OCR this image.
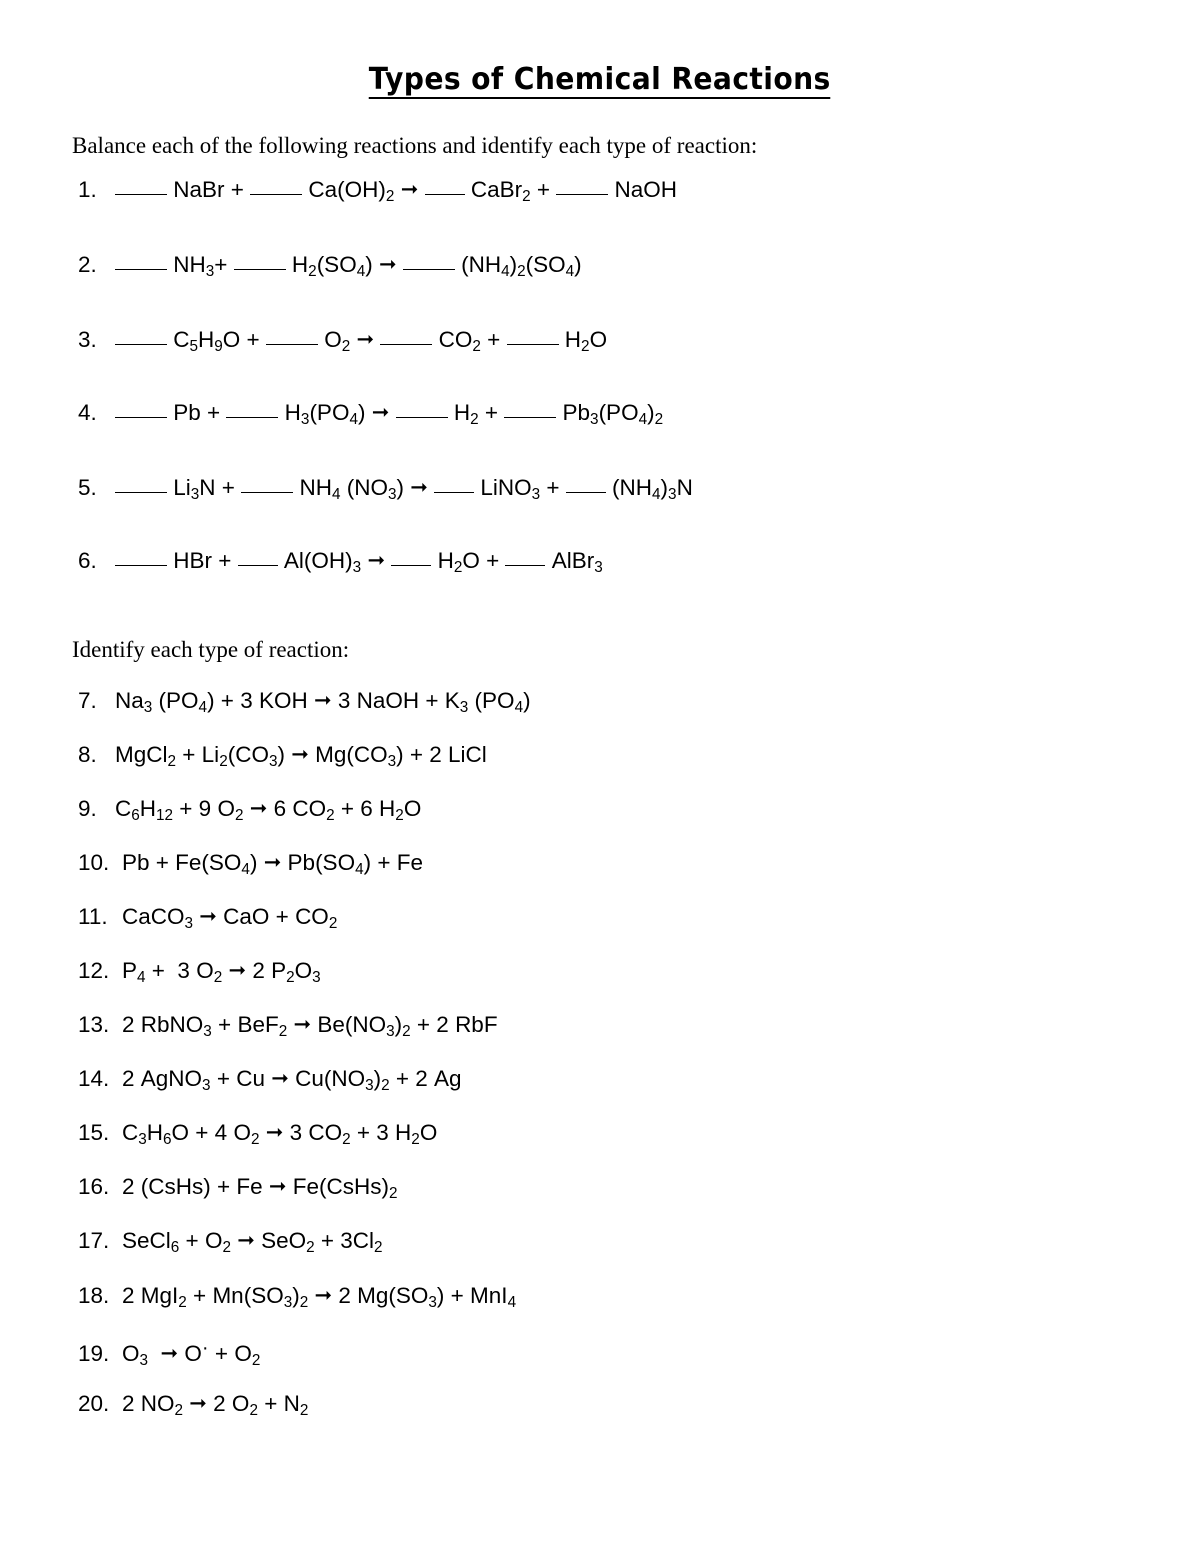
Types of Chemical Reactions
Balance each of the following reactions and identify each type of reaction:
1.	NaBr +  $Ca(OH)_2$ ➞  CaBr$_2$ +  NaOH
2.	$NH_3+ H_2(SO_4)$ ➞	$(NH_4)_2(SO_4)$
3.	$C_5H_9O + O_2$ ➞	$CO_2 + H_2O$
4.	$Pb + H_3(PO_4)$ ➞	$H_2 + Pb_3(PO_4)_2$
5.	$Li_3N + NH_4$ $(NO_3)$ ➞  LiNO$_3$ +  $(NH_4)_3N$
6.	HBr +  $Al(OH)_3$ ➞  $H_2O$ +  AlBr$_3$
Identify each type of reaction:
7. $Na_3$ $(PO_4) + 3$ KOH ➞ 3 NaOH + $K_3$ $(PO_4)$
8. MgCl$_2$ + $Li_2(CO_3)$ ➞ $Mg(CO_3) + 2$ LiCl
9. $C_6H_{12} + 9$ $O_2$ ➞ 6 $CO_2 + 6$ $H_2O$
10. $Pb + Fe(SO_4)$ ➞ $Pb(SO_4) + Fe$
11. CaCO$_3$ ➞ CaO + $CO_2$
12. $P_4 + 3$ $O_2$ ➞ 2 $P_2O_3$
13. 2 RbNO$_3$ + BeF$_2$ ➞ $Be(NO_3)_2 + 2$ RbF
14. 2 AgNO$_3$ + Cu ➞ $Cu(NO_3)_2 + 2$ Ag
15. $C_3H_6O + 4$ $O_2$ ➞ 3 $CO_2 + 3$ $H_2O$
16. 2 (CsHs) + Fe ➞ $Fe(CsHs)_2$
17. SeCl$_6$ + $O_2$ ➞ $SeO_2 + 3Cl_2$
18. 2 $MgI_2 + Mn(SO_3)_2$ ➞ 2 $Mg(SO_3) + MnI_4$
19. $O_3$ ➞ $O\cdot + O_2$
20. 2 $NO_2$ ➞ 2 $O_2 + N_2$
